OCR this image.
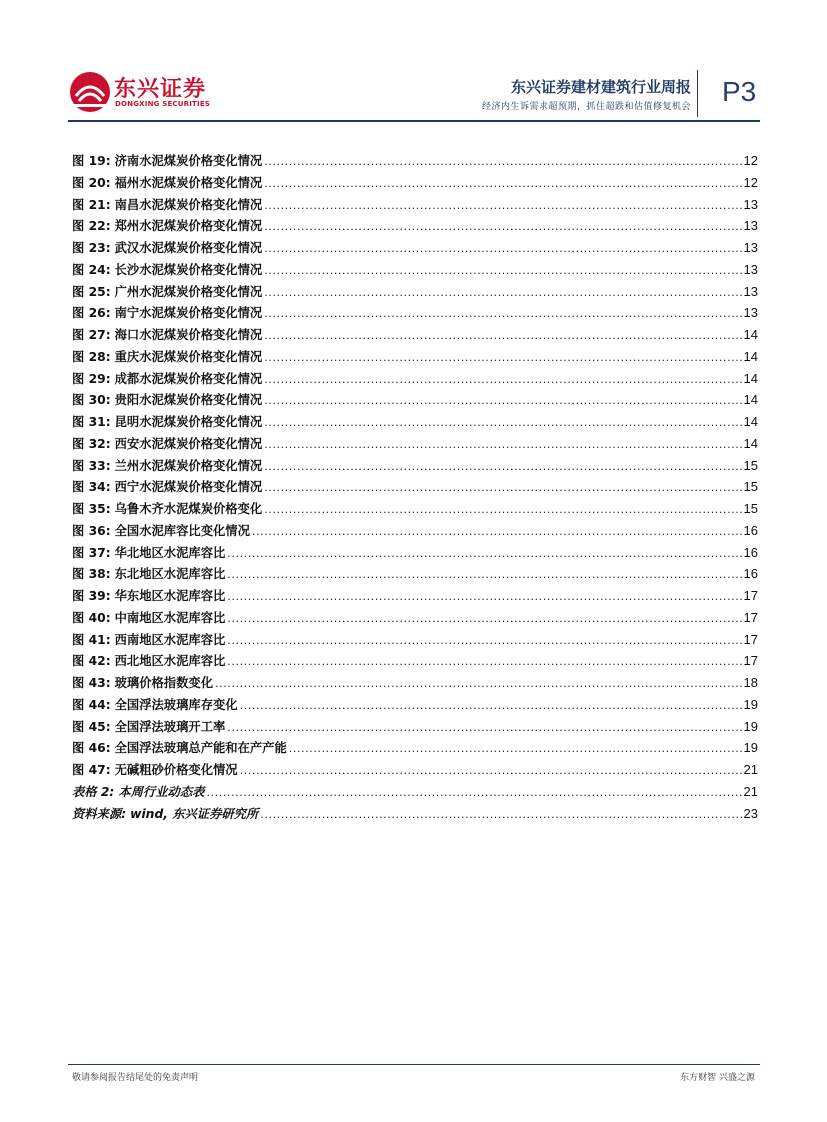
东兴证券
DONGXING SECURITIES
东兴证券建材建筑行业周报
经济内生诉需求超预期，抓住超跌和估值修复机会 P3
图 19: 济南水泥煤炭价格变化情况 .....	12
图 20: 福州水泥煤炭价格变化情况 .....	12
图 21: 南昌水泥煤炭价格变化情况 .....	13
图 22: 郑州水泥煤炭价格变化情况 .....	13
图 23: 武汉水泥煤炭价格变化情况 .....	13
图 24: 长沙水泥煤炭价格变化情况 .....	13
图 25: 广州水泥煤炭价格变化情况 .....	13
图 26: 南宁水泥煤炭价格变化情况 .....	13
图 27: 海口水泥煤炭价格变化情况 .....	14
图 28: 重庆水泥煤炭价格变化情况 .....	14
图 29: 成都水泥煤炭价格变化情况 .....	14
图 30: 贵阳水泥煤炭价格变化情况 .....	14
图 31: 昆明水泥煤炭价格变化情况 .....	14
图 32: 西安水泥煤炭价格变化情况 .....	14
图 33: 兰州水泥煤炭价格变化情况 .....	15
图 34: 西宁水泥煤炭价格变化情况 .....	15
图 35: 乌鲁木齐水泥煤炭价格变化 .....	15
图 36: 全国水泥库容比变化情况 .....	16
图 37: 华北地区水泥库容比 .....	16
图 38: 东北地区水泥库容比 .....	16
图 39: 华东地区水泥库容比 .....	17
图 40: 中南地区水泥库容比 .....	17
图 41: 西南地区水泥库容比 .....	17
图 42: 西北地区水泥库容比 .....	17
图 43: 玻璃价格指数变化 .....	18
图 44: 全国浮法玻璃库存变化 .....	19
图 45: 全国浮法玻璃开工率 .....	19
图 46: 全国浮法玻璃总产能和在产产能 .....	19
图 47: 无碱粗砂价格变化情况 .....	21
表格 2: 本周行业动态表 .....	21
资料来源: wind, 东兴证券研究所 .....	23
敬请参阅报告结尾处的免责声明	东方财智 兴盛之源
